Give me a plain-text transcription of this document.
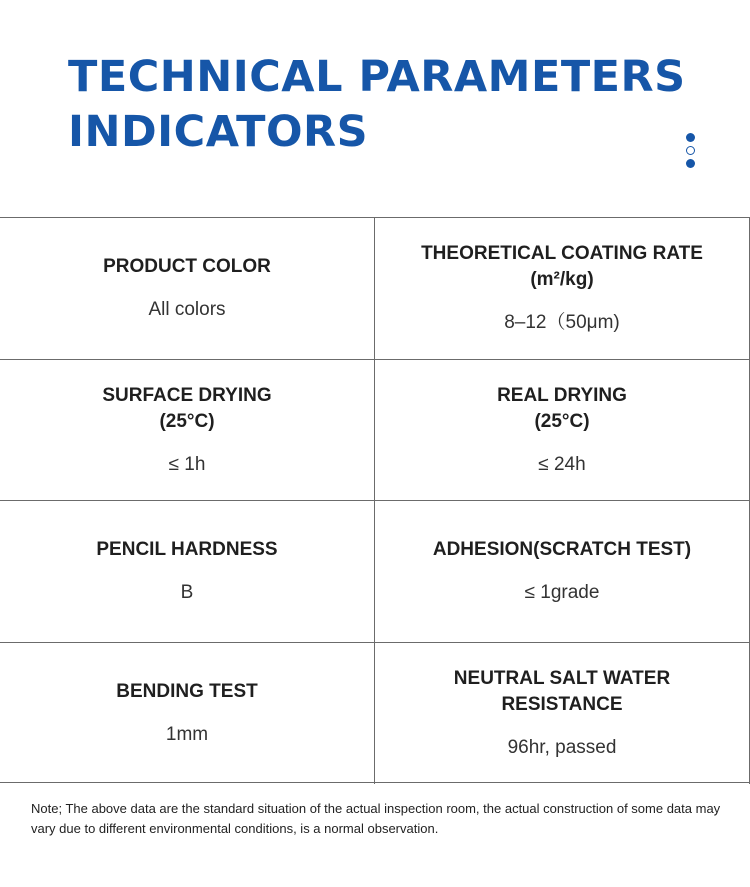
TECHNICAL PARAMETERS
INDICATORS
PRODUCT COLOR
All colors
THEORETICAL COATING RATE
(m²/kg)
8–12（50μm)
SURFACE DRYING
(25°C)
≤ 1h
REAL DRYING
(25°C)
≤ 24h
PENCIL HARDNESS
B
ADHESION(SCRATCH TEST)
≤ 1grade
BENDING TEST
1mm
NEUTRAL SALT WATER
RESISTANCE
96hr, passed

Note; The above data are the standard situation of the actual inspection room, the actual construction of some data may vary due to different environmental conditions, is a normal observation.
